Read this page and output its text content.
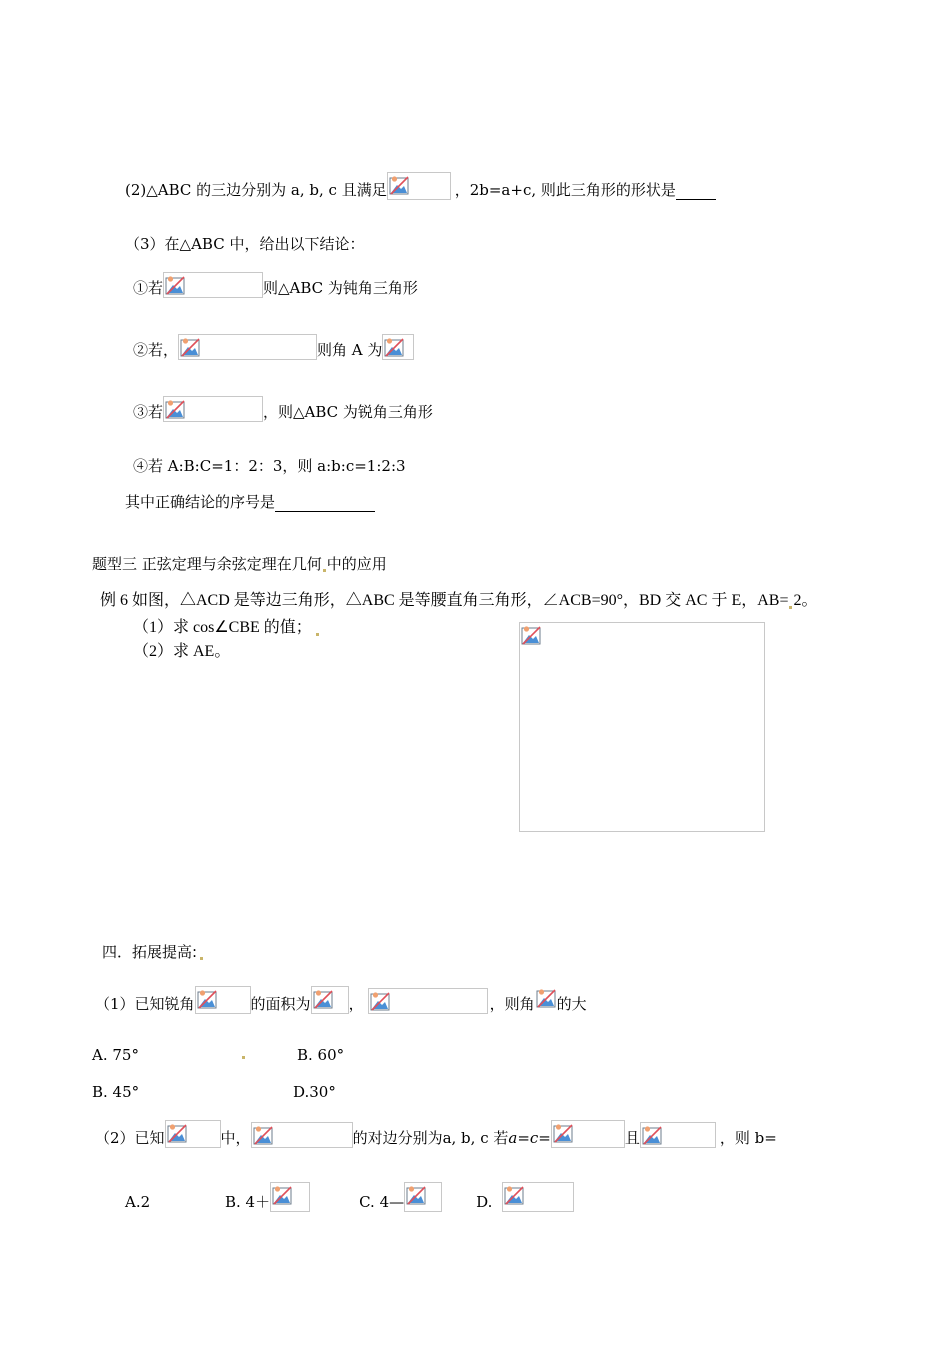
(2)△ABC 的三边分别为 a, b, c 且满足	，2b=a+c, 则此三角形的形状是
（3）在△ABC 中，给出以下结论：
①若	则△ABC 为钝角三角形
②若，	则角 A 为
③若	，则△ABC 为锐角三角形
④若 A:B:C=1：2：3，则 a:b:c=1:2:3
其中正确结论的序号是
题型三 正弦定理与余弦定理在几何 中的应用
例 6 如图，△ACD 是等边三角形，△ABC 是等腰直角三角形，∠ACB=90°，BD 交 AC 于 E，AB= 2。
（1）求 cos∠CBE 的值；
（2）求 AE。
四．拓展提高:
（1）已知锐角	的面积为	，	，则角 的大
A. 75°	B. 60°
B. 45°	D.30°
（2）已知	中，	的对边分别为 a, b, c 若 a=c=	且	，则 b=
A.2	B. 4＋	C. 4—	D.
